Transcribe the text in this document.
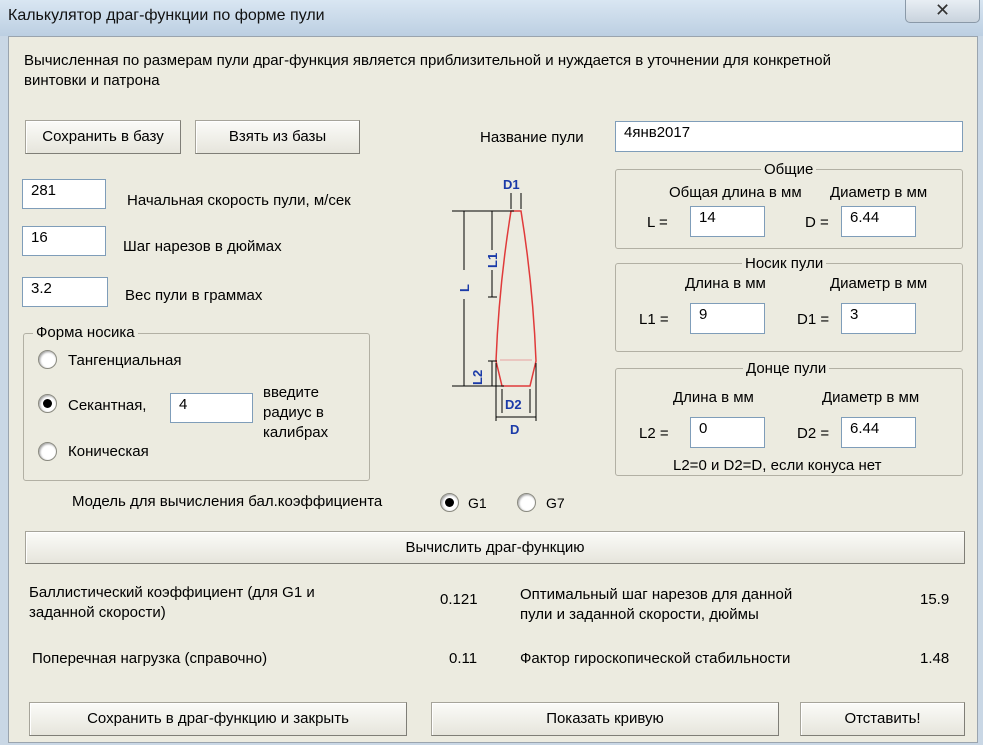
Калькулятор драг-функции по форме пули	✕
Вычисленная по размерам пули драг-функция является приблизительной и нуждается в уточнении для конкретной
винтовки и патрона
Сохранить в базу	Взять из базы	Название пули	4янв2017
281
Начальная скорость пули, м/сек
16
Шаг нарезов в дюймах
3.2	Вес пули в граммах
Форма носика
Тангенциальная
Секантная,	4
введите
радиус в
калибрах
Коническая
D1
L1
L
L2
D2
D
Общие
Общая длина в мм Диаметр в мм
L =	14	D =	6.44
Носик пули
Длина в мм	Диаметр в мм
L1 =	9	D1 =	3
Донце пули
Длина в мм	Диаметр в мм
L2 =	0	D2 =	6.44
L2=0 и D2=D, если конуса нет
Модель для вычисления бал.коэффициента	G1	G7
Вычислить драг-функцию
Баллистический коэффициент (для G1 и
заданной скорости)
0.121	Оптимальный шаг нарезов для данной
пули и заданной скорости, дюймы
15.9
Поперечная нагрузка (справочно)	0.11	Фактор гироскопической стабильности	1.48
Сохранить в драг-функцию и закрыть	Показать кривую	Отставить!
